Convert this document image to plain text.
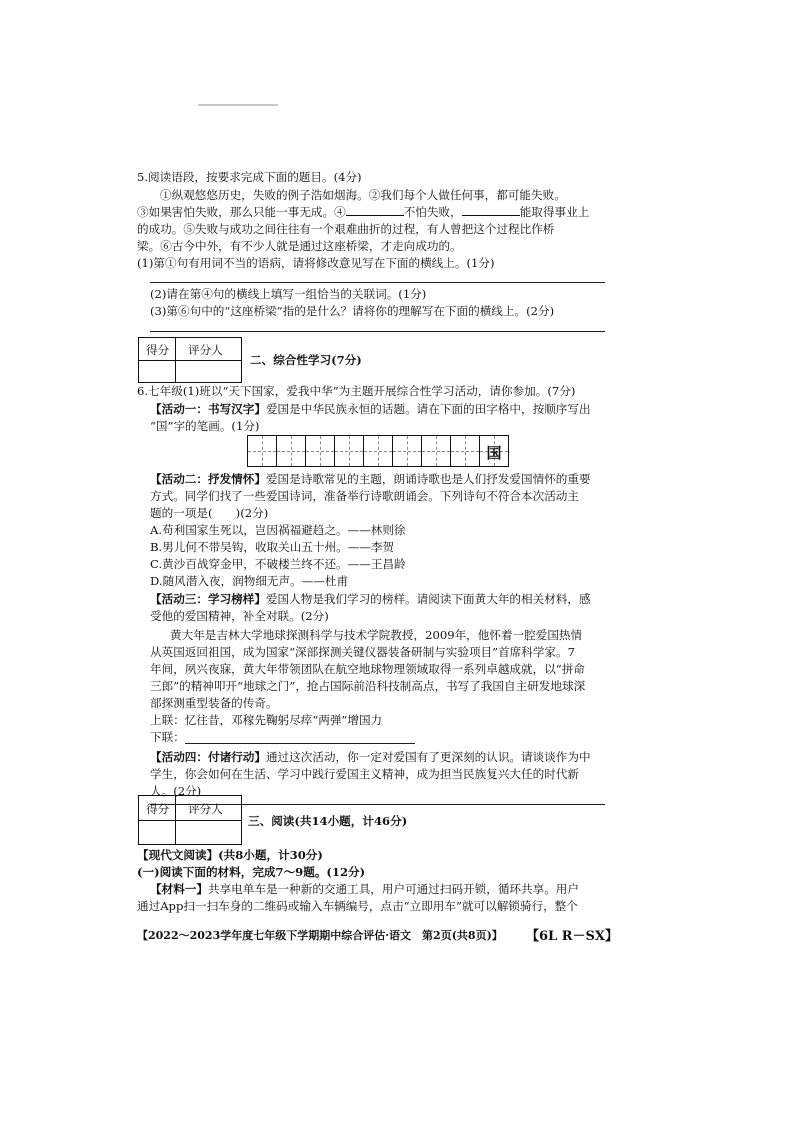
5.阅读语段，按要求完成下面的题目。(4分)
①纵观悠悠历史，失败的例子浩如烟海。②我们每个人做任何事，都可能失败。
③如果害怕失败，那么只能一事无成。④	不怕失败，	能取得事业上
的成功。⑤失败与成功之间往往有一个艰难曲折的过程，有人曾把这个过程比作桥
梁。⑥古今中外，有不少人就是通过这座桥梁，才走向成功的。
(1)第①句有用词不当的语病，请将修改意见写在下面的横线上。(1分)
(2)请在第④句的横线上填写一组恰当的关联词。(1分)
(3)第⑥句中的“这座桥梁”指的是什么？请将你的理解写在下面的横线上。(2分)
得分 评分人
二、综合性学习(7分)
6.七年级(1)班以“天下国家，爱我中华”为主题开展综合性学习活动，请你参加。(7分)
【活动一：书写汉字】爱国是中华民族永恒的话题。请在下面的田字格中，按顺序写出
“国”字的笔画。(1分)
国
【活动二：抒发情怀】爱国是诗歌常见的主题，朗诵诗歌也是人们抒发爱国情怀的重要
方式。同学们找了一些爱国诗词，准备举行诗歌朗诵会。下列诗句不符合本次活动主
题的一项是(　　)(2分)
A.苟利国家生死以，岂因祸福避趋之。——林则徐
B.男儿何不带吴钩，收取关山五十州。——李贺
C.黄沙百战穿金甲，不破楼兰终不还。——王昌龄
D.随风潜入夜，润物细无声。——杜甫
【活动三：学习榜样】爱国人物是我们学习的榜样。请阅读下面黄大年的相关材料，感
受他的爱国精神，补全对联。(2分)
黄大年是吉林大学地球探测科学与技术学院教授，2009年，他怀着一腔爱国热情
从英国返回祖国，成为国家“深部探测关键仪器装备研制与实验项目”首席科学家。7
年间，夙兴夜寐，黄大年带领团队在航空地球物理领域取得一系列卓越成就，以“拼命
三郎”的精神叩开“地球之门”，抢占国际前沿科技制高点，书写了我国自主研发地球深
部探测重型装备的传奇。
上联：忆往昔，邓稼先鞠躬尽瘁“两弹”增国力
下联：
【活动四：付诸行动】通过这次活动，你一定对爱国有了更深刻的认识。请谈谈作为中
学生，你会如何在生活、学习中践行爱国主义精神，成为担当民族复兴大任的时代新
人。(2分)
得分 评分人
三、阅读(共14小题，计46分)
【现代文阅读】(共8小题，计30分)
(一)阅读下面的材料，完成7～9题。(12分)
【材料一】共享电单车是一种新的交通工具，用户可通过扫码开锁，循环共享。用户
通过App扫一扫车身的二维码或输入车辆编号，点击“立即用车”就可以解锁骑行，整个
【2022～2023学年度七年级下学期期中综合评估·语文　第2页(共8页)】 【6L R－SX】
